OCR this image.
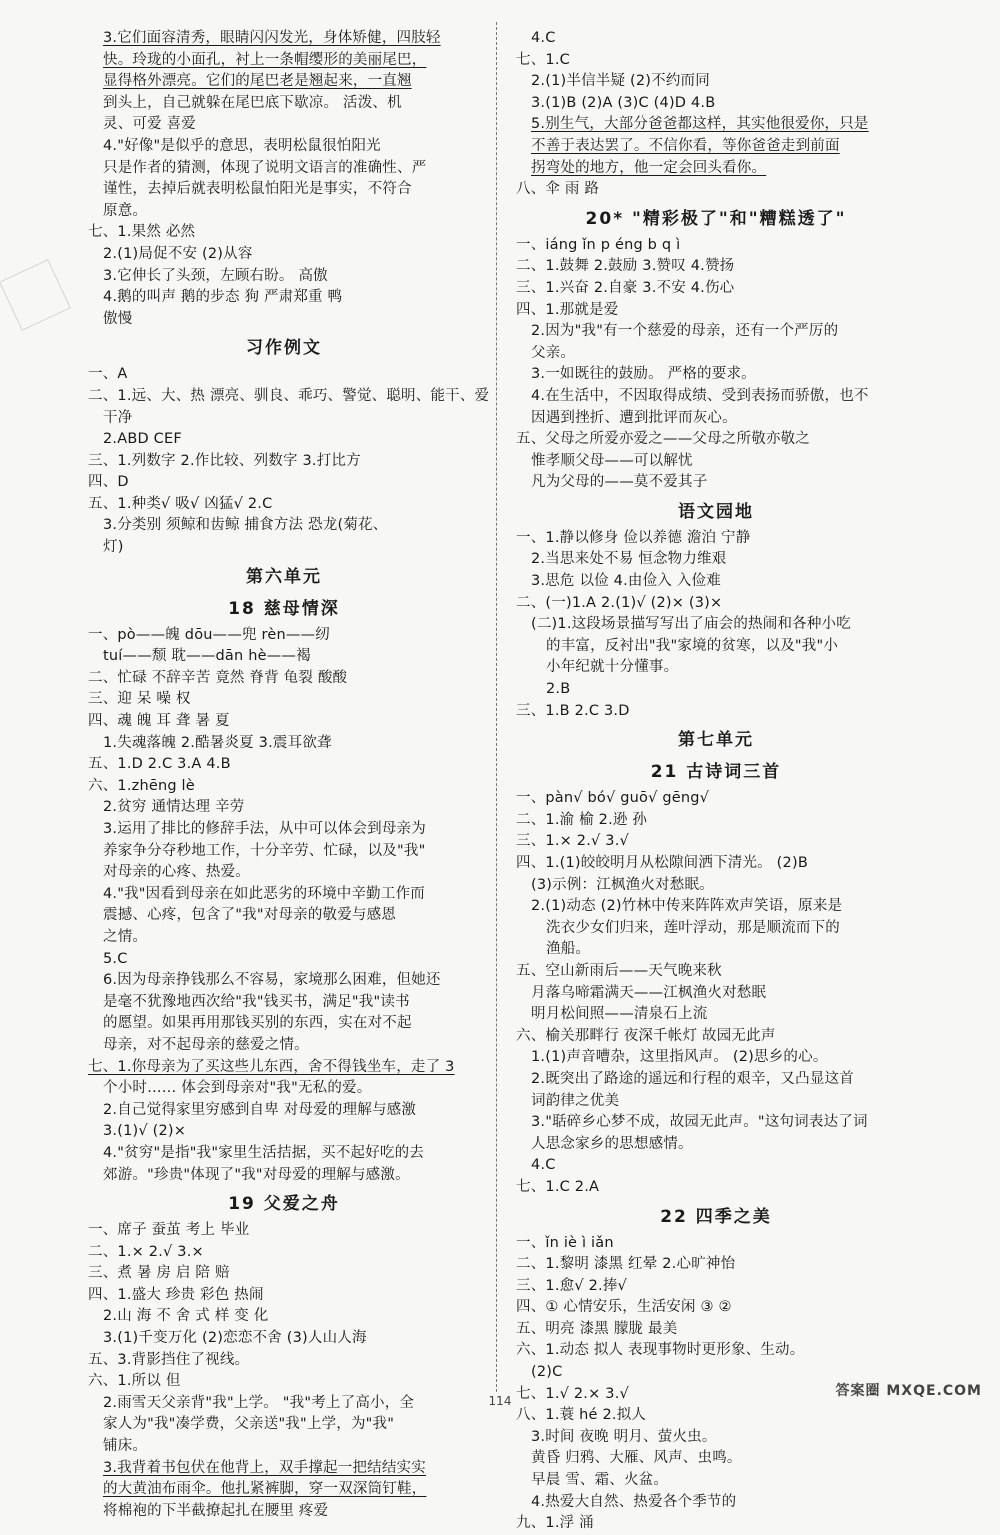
3.它们面容清秀，眼睛闪闪发光，身体矫健，四肢轻
快。玲珑的小面孔，衬上一条帽缨形的美丽尾巴，
显得格外漂亮。它们的尾巴老是翘起来，一直翘
到头上，自己就躲在尾巴底下歇凉。 活泼、机
灵、可爱 喜爱
4."好像"是似乎的意思，表明松鼠很怕阳光
只是作者的猜测，体现了说明文语言的准确性、严
谨性，去掉后就表明松鼠怕阳光是事实，不符合
原意。
七、1.果然 必然
2.(1)局促不安 (2)从容
3.它伸长了头颈，左顾右盼。 高傲
4.鹅的叫声 鹅的步态 狗 严肃郑重 鸭
傲慢
习作例文
一、A
二、1.远、大、热 漂亮、驯良、乖巧、警觉、聪明、能干、爱
干净
2.ABD CEF
三、1.列数字 2.作比较、列数字 3.打比方
四、D
五、1.种类√ 吸√ 凶猛√ 2.C
3.分类别 须鲸和齿鲸 捕食方法 恐龙(菊花、
灯)
第六单元
18 慈母情深
一、pò——魄 dōu——兜 rèn——纫
tuí——颓 耽——dān hè——褐
二、忙碌 不辞辛苦 竟然 脊背 龟裂 酸酸
三、迎 呆 噪 权
四、魂 魄 耳 聋 暑 夏
1.失魂落魄 2.酷暑炎夏 3.震耳欲聋
五、1.D 2.C 3.A 4.B
六、1.zhēng lè
2.贫穷 通情达理 辛劳
3.运用了排比的修辞手法，从中可以体会到母亲为
养家争分夺秒地工作，十分辛劳、忙碌，以及"我"
对母亲的心疼、热爱。
4."我"因看到母亲在如此恶劣的环境中辛勤工作而
震撼、心疼，包含了"我"对母亲的敬爱与感恩
之情。
5.C
6.因为母亲挣钱那么不容易，家境那么困难，但她还
是毫不犹豫地西次给"我"钱买书，满足"我"读书
的愿望。如果再用那钱买别的东西，实在对不起
母亲，对不起母亲的慈爱之情。
七、1.你母亲为了买这些儿东西，舍不得钱坐车，走了 3
个小时…… 体会到母亲对"我"无私的爱。
2.自己觉得家里穷感到自卑 对母爱的理解与感激
3.(1)√ (2)×
4."贫穷"是指"我"家里生活拮据，买不起好吃的去
郊游。"珍贵"体现了"我"对母爱的理解与感激。
19 父爱之舟
一、席子 蚕茧 考上 毕业
二、1.× 2.√ 3.×
三、煮 暑 房 启 陪 赔
四、1.盛大 珍贵 彩色 热闹
2.山 海 不 舍 式 样 变 化
3.(1)千变万化 (2)恋恋不舍 (3)人山人海
五、3.背影挡住了视线。
六、1.所以 但
2.雨雪天父亲背"我"上学。 "我"考上了高小，全
家人为"我"凑学费，父亲送"我"上学，为"我"
铺床。
3.我背着书包伏在他背上，双手撑起一把结结实实
的大黄油布雨伞。他扎紧裤脚，穿一双深筒钉鞋，
将棉袍的下半截撩起扎在腰里 疼爱
4.C
七、1.C
2.(1)半信半疑 (2)不约而同
3.(1)B (2)A (3)C (4)D 4.B
5.别生气，大部分爸爸都这样，其实他很爱你，只是
不善于表达罢了。不信你看，等你爸爸走到前面
拐弯处的地方，他一定会回头看你。
八、伞 雨 路
20* "精彩极了"和"糟糕透了"
一、iáng ǐn p éng b q ì
二、1.鼓舞 2.鼓励 3.赞叹 4.赞扬
三、1.兴奋 2.自豪 3.不安 4.伤心
四、1.那就是爱
2.因为"我"有一个慈爱的母亲，还有一个严厉的
父亲。
3.一如既往的鼓励。 严格的要求。
4.在生活中，不因取得成绩、受到表扬而骄傲，也不
因遇到挫折、遭到批评而灰心。
五、父母之所爱亦爱之——父母之所敬亦敬之
惟孝顺父母——可以解忧
凡为父母的——莫不爱其子
语文园地
一、1.静以修身 俭以养德 澹泊 宁静
2.当思来处不易 恒念物力维艰
3.思危 以俭 4.由俭入 入俭难
二、(一)1.A 2.(1)√ (2)× (3)×
(二)1.这段场景描写写出了庙会的热闹和各种小吃
的丰富，反衬出"我"家境的贫寒，以及"我"小
小年纪就十分懂事。
2.B
三、1.B 2.C 3.D
第七单元
21 古诗词三首
一、pàn√ bó√ guō√ gēng√
二、1.渝 榆 2.逊 孙
三、1.× 2.√ 3.√
四、1.(1)皎皎明月从松隙间洒下清光。 (2)B
(3)示例：江枫渔火对愁眠。
2.(1)动态 (2)竹林中传来阵阵欢声笑语，原来是
洗衣少女们归来，莲叶浮动，那是顺流而下的
渔船。
五、空山新雨后——天气晚来秋
月落乌啼霜满天——江枫渔火对愁眠
明月松间照——清泉石上流
六、榆关那畔行 夜深千帐灯 故园无此声
1.(1)声音嘈杂，这里指风声。 (2)思乡的心。
2.既突出了路途的遥远和行程的艰辛，又凸显这首
词韵律之优美
3."聒碎乡心梦不成，故园无此声。"这句词表达了词
人思念家乡的思想感情。
4.C
七、1.C 2.A
22 四季之美
一、ǐn iè ì iǎn
二、1.黎明 漆黑 红晕 2.心旷神怡
三、1.愈√ 2.捧√
四、① 心情安乐，生活安闲 ③ ②
五、明亮 漆黑 朦胧 最美
六、1.动态 拟人 表现事物时更形象、生动。
(2)C
七、1.√ 2.× 3.√
八、1.蓑 hé 2.拟人
3.时间 夜晚 明月、萤火虫。
黄昏 归鸦、大雁、风声、虫鸣。
早晨 雪、霜、火盆。
4.热爱大自然、热爱各个季节的
九、1.浮 涌
114
答案圈 MXQE.COM
